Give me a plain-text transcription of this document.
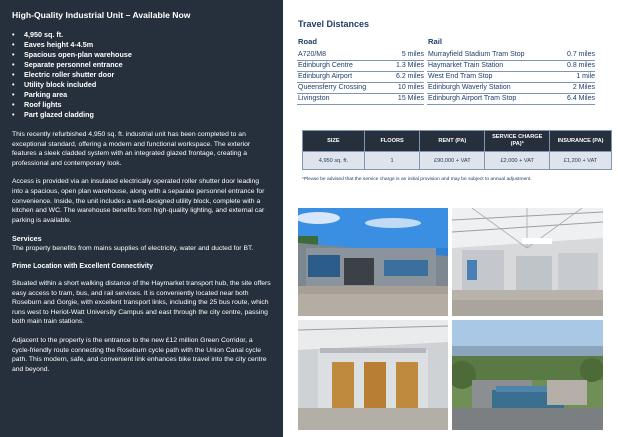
High-Quality Industrial Unit – Available Now
• 4,950 sq. ft.
• Eaves height 4-4.5m
• Spacious open-plan warehouse
• Separate personnel entrance
• Electric roller shutter door
• Utility block included
• Parking area
• Roof lights
• Part glazed cladding

This recently refurbished 4,950 sq. ft. industrial unit has been completed to an exceptional standard, offering a modern and functional workspace. The exterior features a sleek cladded system with an integrated glazed frontage, creating a professional and contemporary look.

Access is provided via an insulated electrically operated roller shutter door leading into a spacious, open plan warehouse, along with a separate personnel entrance for convenience. Inside, the unit includes a well-designed utility block, complete with a kitchen and WC. The warehouse benefits from high-quality lighting, and external car parking is available.

Services

The property benefits from mains supplies of electricity, water and ducted for BT.

Prime Location with Excellent Connectivity

Situated within a short walking distance of the Haymarket transport hub, the site offers easy access to tram, bus, and rail services. It is conveniently located near both Roseburn and Gorgie, with excellent transport links, including the 25 bus route, which runs west to Heriot-Watt University Campus and east through the city centre, passing both main train stations.

Adjacent to the property is the entrance to the new £12 million Green Corridor, a cycle-friendly route connecting the Roseburn cycle path with the Union Canal cycle path. This modern, safe, and convenient link enhances bike travel into the city centre and beyond.

Travel Distances
Road	Rail
A720/M8	5 miles
Edinburgh Centre	1.3 Miles
Edinburgh Airport	6.2 miles
Queensferry Crossing	10 miles
Livingston	15 Miles
Murrayfield Stadium Tram Stop	0.7 miles
Haymarket Train Station	0.8 miles
West End Tram Stop	1 mile
Edinburgh Waverly Station	2 Miles
Edinburgh Airport Tram Stop	6.4 Miles
SIZE	FLOORS	RENT (PA)	SERVICE CHARGE (PA)*	INSURANCE (PA)
4,950 sq. ft.	1	£90,000 + VAT	£2,000 + VAT	£1,200 + VAT
*Please be advised that the service charge is an initial provision and may be subject to annual adjustment.
